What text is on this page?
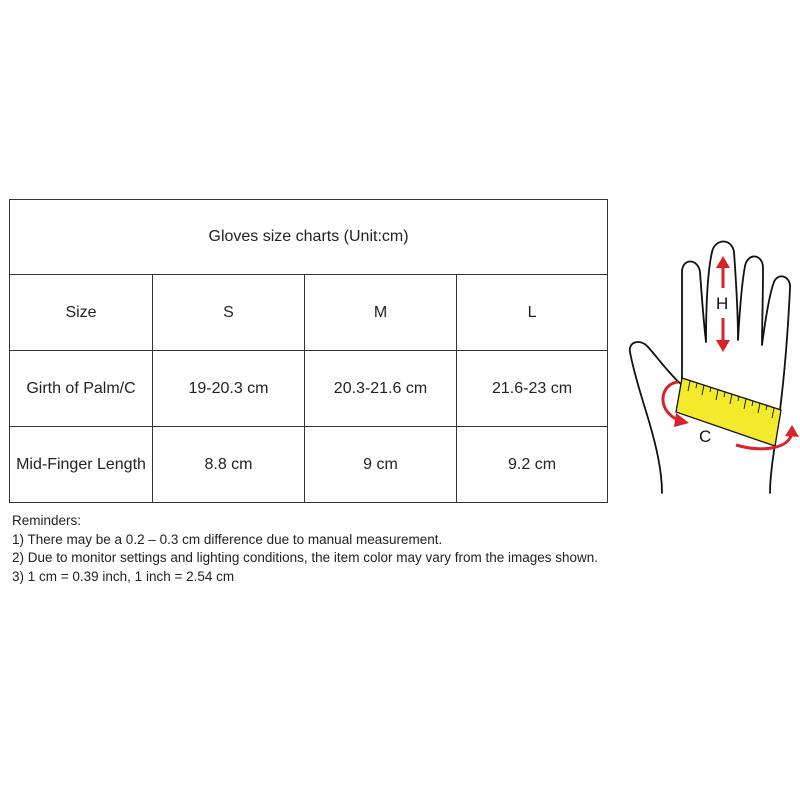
Gloves size charts (Unit:cm)			
Size	S	M	L
Girth of Palm/C	19-20.3 cm	20.3-21.6 cm	21.6-23 cm
Mid-Finger Length	8.8 cm	9 cm	9.2 cm

Reminders:

1) There may be a 0.2 – 0.3 cm difference due to manual measurement.

2) Due to monitor settings and lighting conditions, the item color may vary from the images shown.

3) 1 cm = 0.39 inch, 1 inch = 2.54 cm

H
C
